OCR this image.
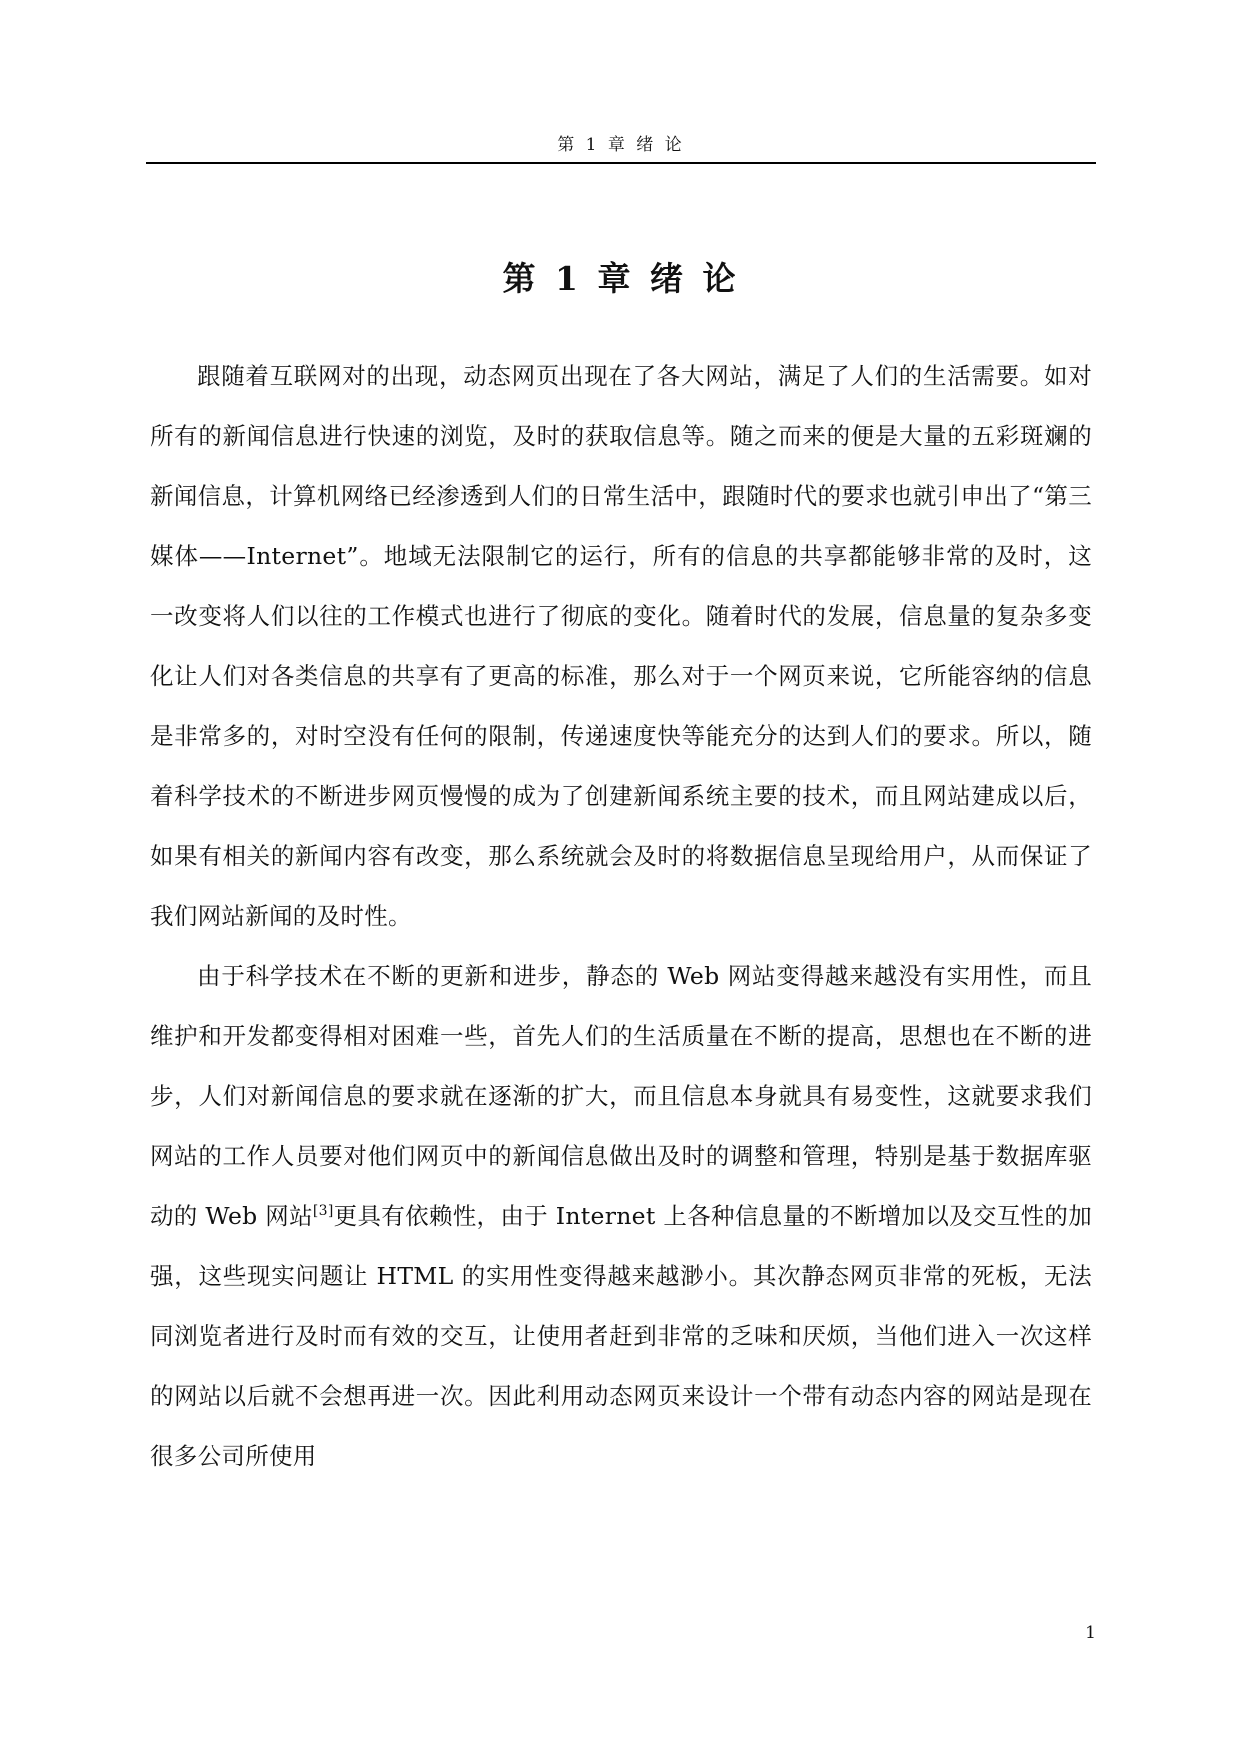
第 1 章 绪 论
第 1 章 绪 论

跟随着互联网对的出现，动态网页出现在了各大网站，满足了人们的生活需要。如对所有的新闻信息进行快速的浏览，及时的获取信息等。随之而来的便是大量的五彩斑斓的新闻信息，计算机网络已经渗透到人们的日常生活中，跟随时代的要求也就引申出了“第三媒体——Internet”。地域无法限制它的运行，所有的信息的共享都能够非常的及时，这一改变将人们以往的工作模式也进行了彻底的变化。随着时代的发展，信息量的复杂多变化让人们对各类信息的共享有了更高的标准，那么对于一个网页来说，它所能容纳的信息是非常多的，对时空没有任何的限制，传递速度快等能充分的达到人们的要求。所以，随着科学技术的不断进步网页慢慢的成为了创建新闻系统主要的技术，而且网站建成以后，如果有相关的新闻内容有改变，那么系统就会及时的将数据信息呈现给用户，从而保证了我们网站新闻的及时性。

由于科学技术在不断的更新和进步，静态的 Web 网站变得越来越没有实用性，而且维护和开发都变得相对困难一些，首先人们的生活质量在不断的提高，思想也在不断的进步，人们对新闻信息的要求就在逐渐的扩大，而且信息本身就具有易变性，这就要求我们网站的工作人员要对他们网页中的新闻信息做出及时的调整和管理，特别是基于数据库驱动的 Web 网站[3]更具有依赖性，由于 Internet 上各种信息量的不断增加以及交互性的加强，这些现实问题让 HTML 的实用性变得越来越渺小。其次静态网页非常的死板，无法同浏览者进行及时而有效的交互，让使用者赶到非常的乏味和厌烦，当他们进入一次这样的网站以后就不会想再进一次。因此利用动态网页来设计一个带有动态内容的网站是现在很多公司所使用

1
